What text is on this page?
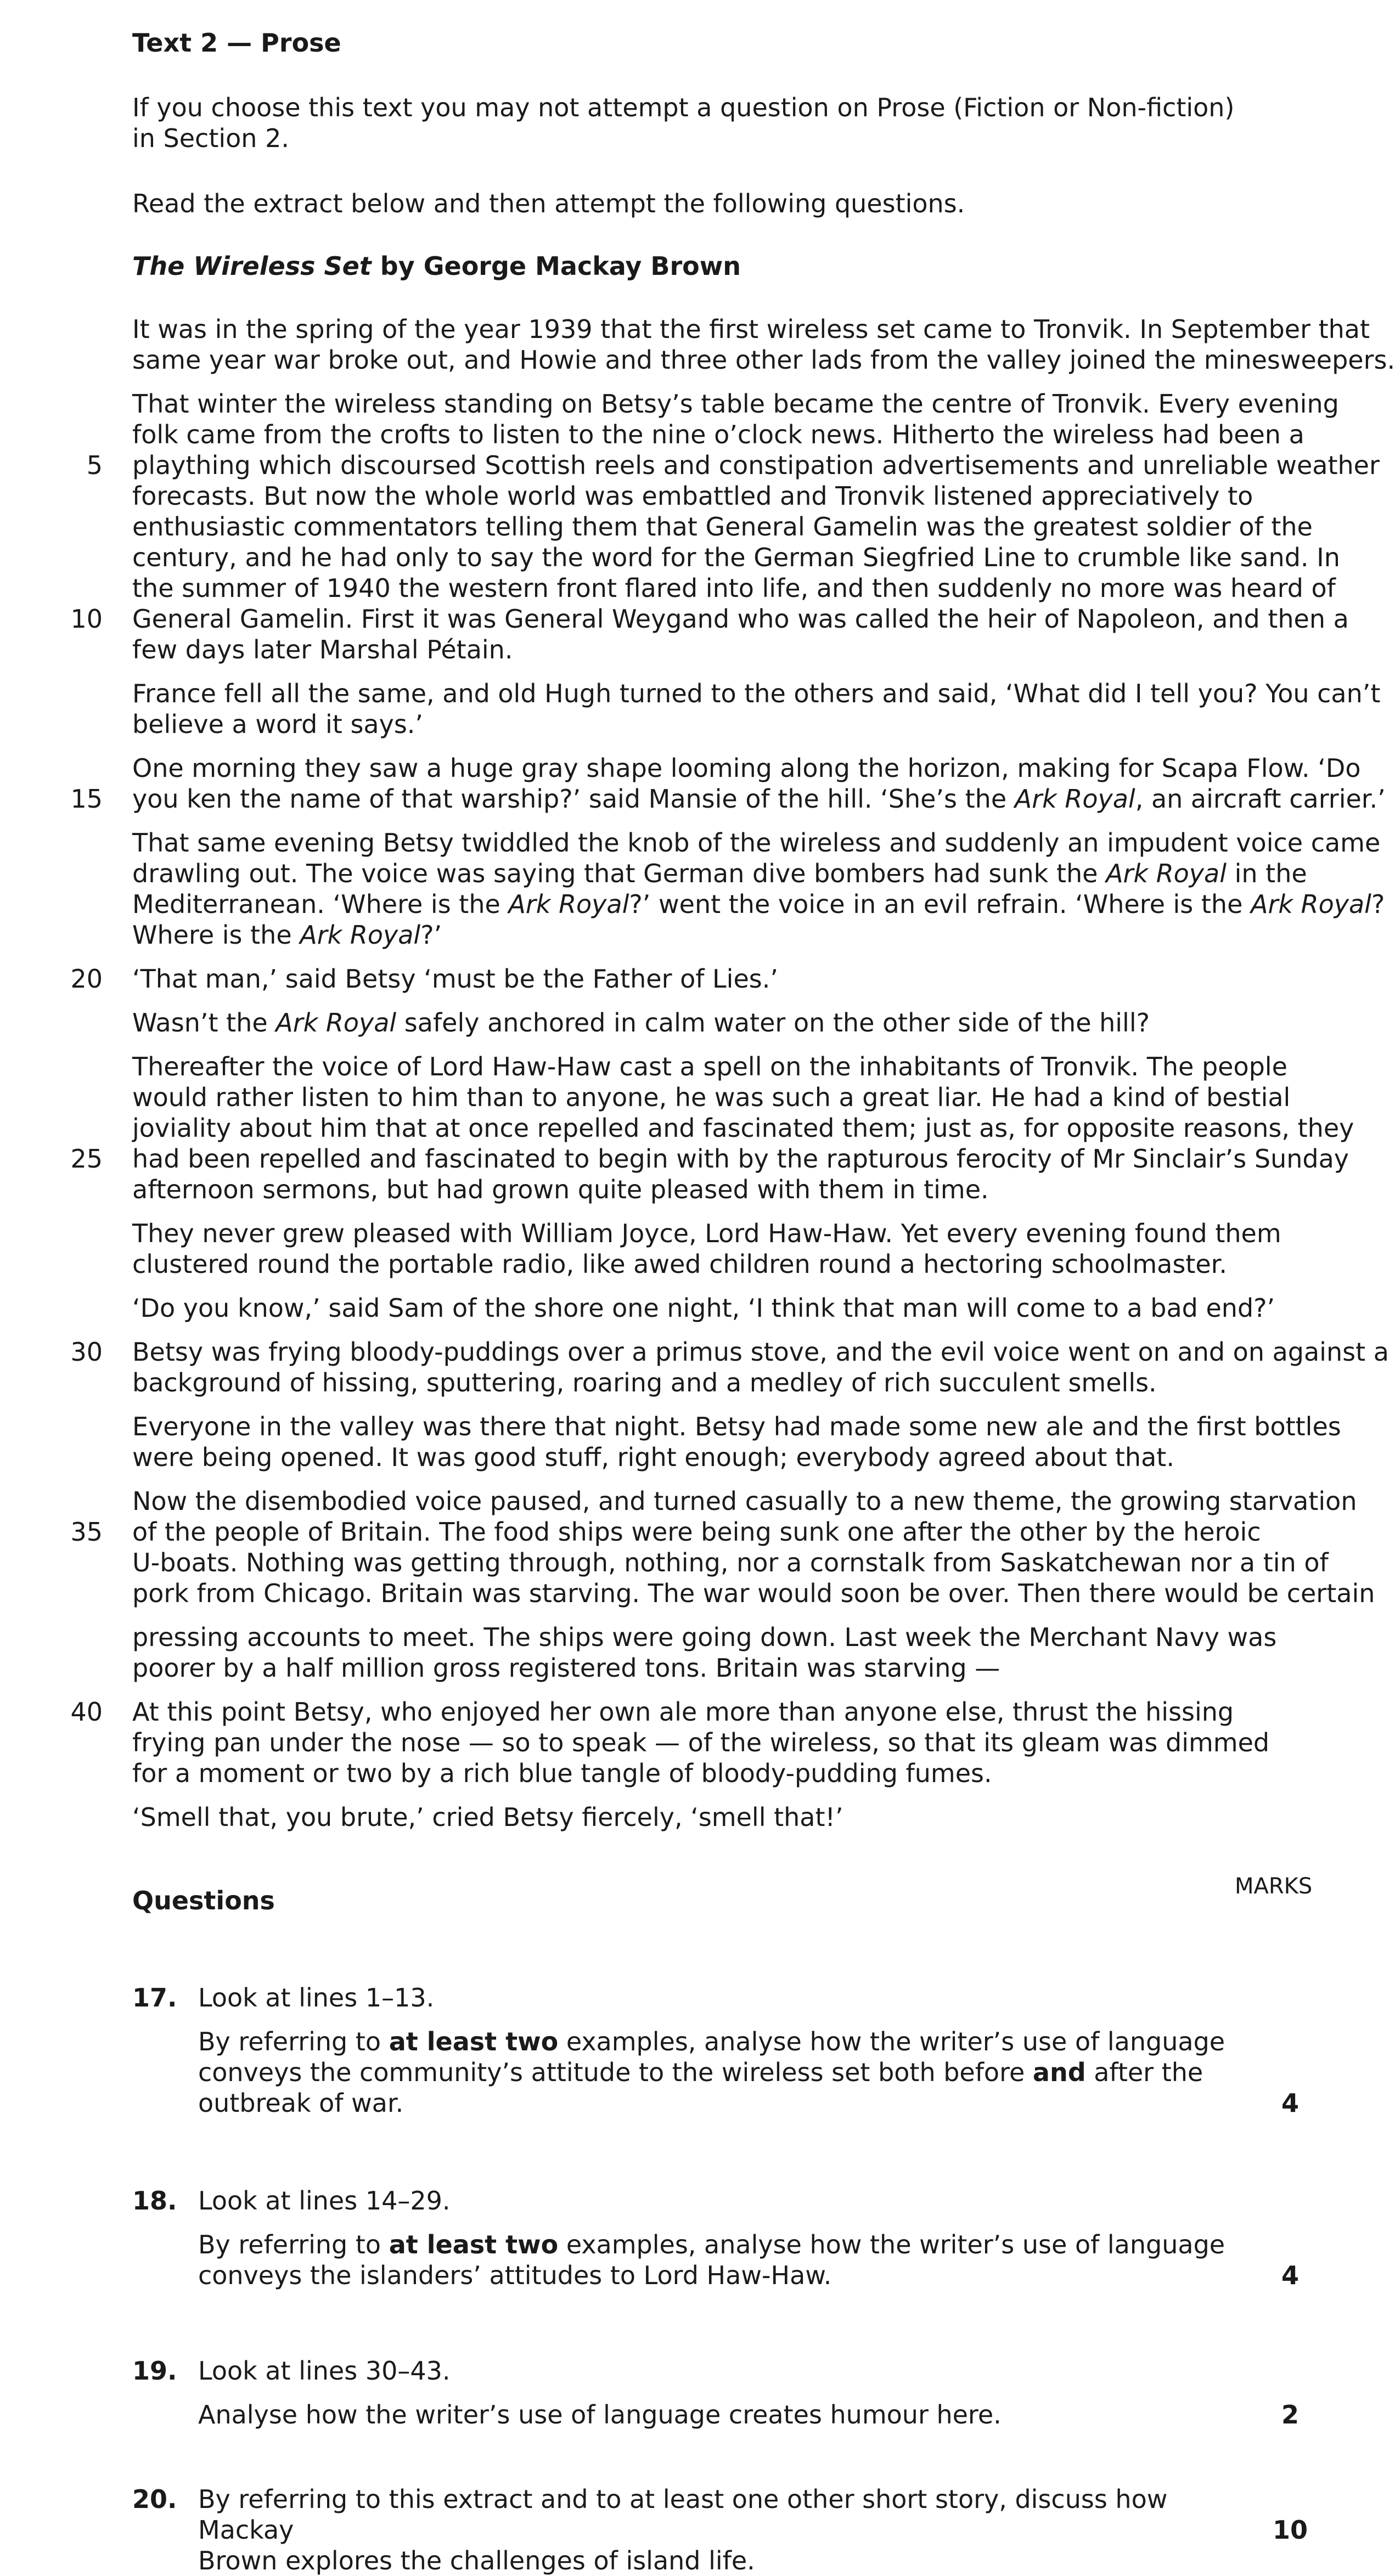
Text 2 — Prose
If you choose this text you may not attempt a question on Prose (Fiction or Non-fiction) in Section 2.
Read the extract below and then attempt the following questions.
The Wireless Set by George Mackay Brown
It was in the spring of the year 1939 that the first wireless set came to Tronvik. In September that
same year war broke out, and Howie and three other lads from the valley joined the minesweepers.
That winter the wireless standing on Betsy’s table became the centre of Tronvik. Every evening
folk came from the crofts to listen to the nine o’clock news. Hitherto the wireless had been a
5 plaything which discoursed Scottish reels and constipation advertisements and unreliable weather
forecasts. But now the whole world was embattled and Tronvik listened appreciatively to
enthusiastic commentators telling them that General Gamelin was the greatest soldier of the
century, and he had only to say the word for the German Siegfried Line to crumble like sand. In
the summer of 1940 the western front flared into life, and then suddenly no more was heard of
10 General Gamelin. First it was General Weygand who was called the heir of Napoleon, and then a
few days later Marshal Pétain.
France fell all the same, and old Hugh turned to the others and said, ‘What did I tell you? You can’t
believe a word it says.’
One morning they saw a huge gray shape looming along the horizon, making for Scapa Flow. ‘Do
15 you ken the name of that warship?’ said Mansie of the hill. ‘She’s the Ark Royal, an aircraft carrier.’
That same evening Betsy twiddled the knob of the wireless and suddenly an impudent voice came
drawling out. The voice was saying that German dive bombers had sunk the Ark Royal in the
Mediterranean. ‘Where is the Ark Royal?’ went the voice in an evil refrain. ‘Where is the Ark Royal?
Where is the Ark Royal?’
20 ‘That man,’ said Betsy ‘must be the Father of Lies.’
Wasn’t the Ark Royal safely anchored in calm water on the other side of the hill?
Thereafter the voice of Lord Haw-Haw cast a spell on the inhabitants of Tronvik. The people
would rather listen to him than to anyone, he was such a great liar. He had a kind of bestial
joviality about him that at once repelled and fascinated them; just as, for opposite reasons, they
25 had been repelled and fascinated to begin with by the rapturous ferocity of Mr Sinclair’s Sunday
afternoon sermons, but had grown quite pleased with them in time.
They never grew pleased with William Joyce, Lord Haw-Haw. Yet every evening found them
clustered round the portable radio, like awed children round a hectoring schoolmaster.
‘Do you know,’ said Sam of the shore one night, ‘I think that man will come to a bad end?’
30 Betsy was frying bloody-puddings over a primus stove, and the evil voice went on and on against a
background of hissing, sputtering, roaring and a medley of rich succulent smells.
Everyone in the valley was there that night. Betsy had made some new ale and the first bottles
were being opened. It was good stuff, right enough; everybody agreed about that.
Now the disembodied voice paused, and turned casually to a new theme, the growing starvation
35 of the people of Britain. The food ships were being sunk one after the other by the heroic
U-boats. Nothing was getting through, nothing, nor a cornstalk from Saskatchewan nor a tin of
pork from Chicago. Britain was starving. The war would soon be over. Then there would be certain
pressing accounts to meet. The ships were going down. Last week the Merchant Navy was
poorer by a half million gross registered tons. Britain was starving —
40 At this point Betsy, who enjoyed her own ale more than anyone else, thrust the hissing
frying pan under the nose — so to speak — of the wireless, so that its gleam was dimmed
for a moment or two by a rich blue tangle of bloody-pudding fumes.
‘Smell that, you brute,’ cried Betsy fiercely, ‘smell that!’
Questions	MARKS
17. Look at lines 1–13.

By referring to at least two examples, analyse how the writer’s use of language

conveys the community’s attitude to the wireless set both before and after the

outbreak of war.	4
18. Look at lines 14–29.

By referring to at least two examples, analyse how the writer’s use of language

conveys the islanders’ attitudes to Lord Haw-Haw.	4
19. Look at lines 30–43.

Analyse how the writer’s use of language creates humour here.	2
20. By referring to this extract and to at least one other short story, discuss how Mackay

Brown explores the challenges of island life.

10
